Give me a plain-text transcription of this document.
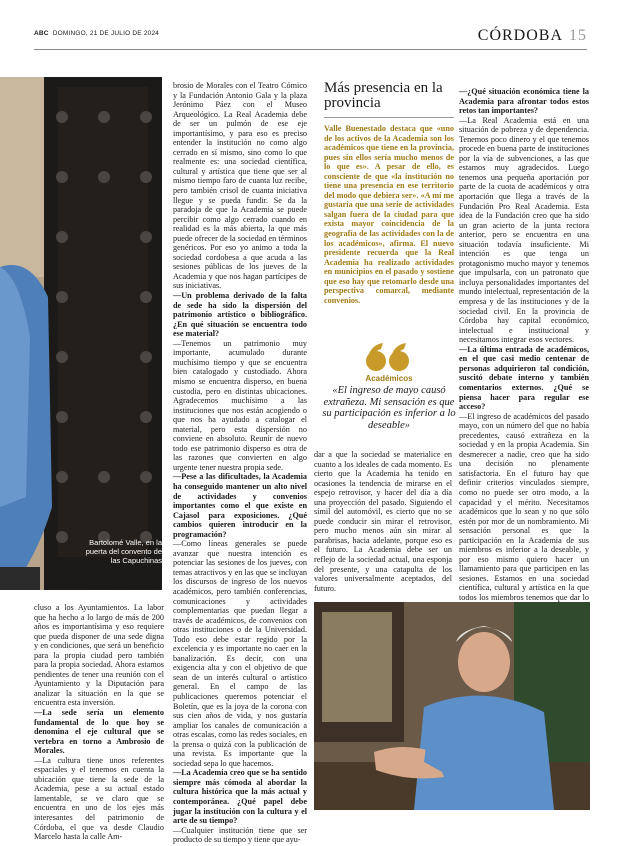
ABC DOMINGO, 21 DE JULIO DE 2024	CÓRDOBA 15
Bartolomé Valle, en la puerta del convento de las Capuchinas
FOTOS: RAFAEL CARMONA

brosio de Morales con el Teatro Cómico y la Fundación Antonio Gala y la plaza Jerónimo Páez con el Museo Arqueológico. La Real Academia debe de ser un pulmón de ese eje importantísimo, y para eso es preciso entender la institución no como algo cerrado en sí mismo, sino como lo que realmente es: una sociedad científica, cultural y artística que tiene que ser al mismo tiempo faro de cuanta luz recibe, pero también crisol de cuanta iniciativa llegue y se pueda fundir. Se da la paradoja de que la Academia se puede percibir como algo cerrado cuando en realidad es la más abierta, la que más puede ofrecer de la sociedad en términos genéricos. Por eso yo animo a toda la sociedad cordobesa a que acuda a las sesiones públicas de los jueves de la Academia y que nos hagan partícipes de sus iniciativas.

—Un problema derivado de la falta de sede ha sido la dispersión del patrimonio artístico o bibliográfico. ¿En qué situación se encuentra todo ese material?

—Tenemos un patrimonio muy importante, acumulado durante muchísimo tiempo y que se encuentra bien catalogado y custodiado. Ahora mismo se encuentra disperso, en buena custodia, pero en distintas ubicaciones. Agradecemos muchísimo a las instituciones que nos están acogiendo o que nos ha ayudado a catalogar el material, pero esta dispersión no conviene en absoluto. Reunir de nuevo todo ese patrimonio disperso es otra de las razones que convierten en algo urgente tener nuestra propia sede.

—Pese a las dificultades, la Academia ha conseguido mantener un alto nivel de actividades y convenios importantes como el que existe en Cajasol para exposiciones. ¿Qué cambios quieren introducir en la programación?

—Como líneas generales se puede avanzar que nuestra intención es potenciar las sesiones de los jueves, con temas atractivos y en las que se incluyan los discursos de ingreso de los nuevos académicos, pero también conferencias, comunicaciones y actividades complementarias que puedan llegar a través de académicos, de convenios con otras instituciones o de la Universidad. Todo eso debe estar regido por la excelencia y es importante no caer en la banalización. Es decir, con una exigencia alta y con el objetivo de que sean de un interés cultural o artístico general. En el campo de las publicaciones queremos potenciar el Boletín, que es la joya de la corona con sus cien años de vida, y nos gustaría ampliar los canales de comunicación a otras escalas, como las redes sociales, en la prensa o quizá con la publicación de una revista. Es importante que la sociedad sepa lo que hacemos.

—La Academia creo que se ha sentido siempre más cómoda al abordar la cultura histórica que la más actual y contemporánea. ¿Qué papel debe jugar la institución con la cultura y el arte de su tiempo?

—Cualquier institución tiene que ser producto de su tiempo y tiene que ayu-

cluso a los Ayuntamientos. La labor que ha hecho a lo largo de más de 200 años es importantísima y eso requiere que pueda disponer de una sede digna y en condiciones, que será un beneficio para la propia ciudad pero también para la propia sociedad. Ahora estamos pendientes de tener una reunión con el Ayuntamiento y la Diputación para analizar la situación en la que se encuentra esta inversión.

—La sede sería un elemento fundamental de lo que hoy se denomina el eje cultural que se vertebra en torno a Ambrosio de Morales.

—La cultura tiene unos referentes espaciales y el tenemos en cuenta la ubicación que tiene la sede de la Academia, pese a su actual estado lamentable, se ve claro que se encuentra en uno de los ejes más interesantes del patrimonio de Córdoba, el que va desde Claudio Marcelo hasta la calle Am-

Más presencia en la provincia
Valle Buenestado destaca que «uno de los activos de la Academia son los académicos que tiene en la provincia, pues sin ellos sería mucho menos de lo que es». A pesar de ello, es consciente de que «la institución no tiene una presencia en ese territorio del modo que debiera ser». «A mí me gustaría que una serie de actividades salgan fuera de la ciudad para que exista mayor coincidencia de la geografía de las actividades con la de los académicos», afirma. El nuevo presidente recuerda que la Real Academia ha realizado actividades en municipios en el pasado y sostiene que eso hay que retomarlo desde una perspectiva comarcal, mediante convenios.
Académicos
«El ingreso de mayo causó extrañeza. Mi sensación es que su participación es inferior a lo deseable»

dar a que la sociedad se materialice en cuanto a los ideales de cada momento. Es cierto que la Academia ha tenido en ocasiones la tendencia de mirarse en el espejo retrovisor, y hacer del día a día una proyección del pasado. Siguiendo el símil del automóvil, es cierto que no se puede conducir sin mirar el retrovisor, pero mucho menos aún sin mirar al parabrisas, hacia adelante, porque eso es el futuro. La Academia debe ser un reflejo de la sociedad actual, una esponja del presente, y una catapulta de los valores universalmente aceptados, del futuro.

—¿Qué situación económica tiene la Academia para afrontar todos estos retos tan importantes?

—La Real Academia está en una situación de pobreza y de dependencia. Tenemos poco dinero y el que tenemos procede en buena parte de instituciones por la vía de subvenciones, a las que estamos muy agradecidos. Luego tenemos una pequeña aportación por parte de la cuota de académicos y otra aportación que llega a través de la Fundación Pro Real Academia. Esta idea de la Fundación creo que ha sido un gran acierto de la junta rectora anterior, pero se encuentra en una situación todavía insuficiente. Mi intención es que tenga un protagonismo mucho mayor y tenemos que impulsarla, con un patronato que incluya personalidades importantes del mundo intelectual, representación de la empresa y de las instituciones y de la sociedad civil. En la provincia de Córdoba hay capital económico, intelectual e institucional y necesitamos integrar esos vectores.

—La última entrada de académicos, en el que casi medio centenar de personas adquirieron tal condición, suscitó debate interno y también comentarios externos. ¿Qué se piensa hacer para regular ese acceso?

—El ingreso de académicos del pasado mayo, con un número del que no había precedentes, causó extrañeza en la sociedad y en la propia Academia. Sin desmerecer a nadie, creo que ha sido una decisión no plenamente satisfactoria. En el futuro hay que definir criterios vinculados siempre, como no puede ser otro modo, a la capacidad y el mérito. Necesitamos académicos que lo sean y no que sólo estén por mor de un nombramiento. Mi sensación personal es que la participación en la Academia de sus miembros es inferior a la deseable, y por eso mismo quiero hacer un llamamiento para que participen en las sesiones. Estamos en una sociedad científica, cultural y artística en la que todos los miembros tenemos que dar lo
